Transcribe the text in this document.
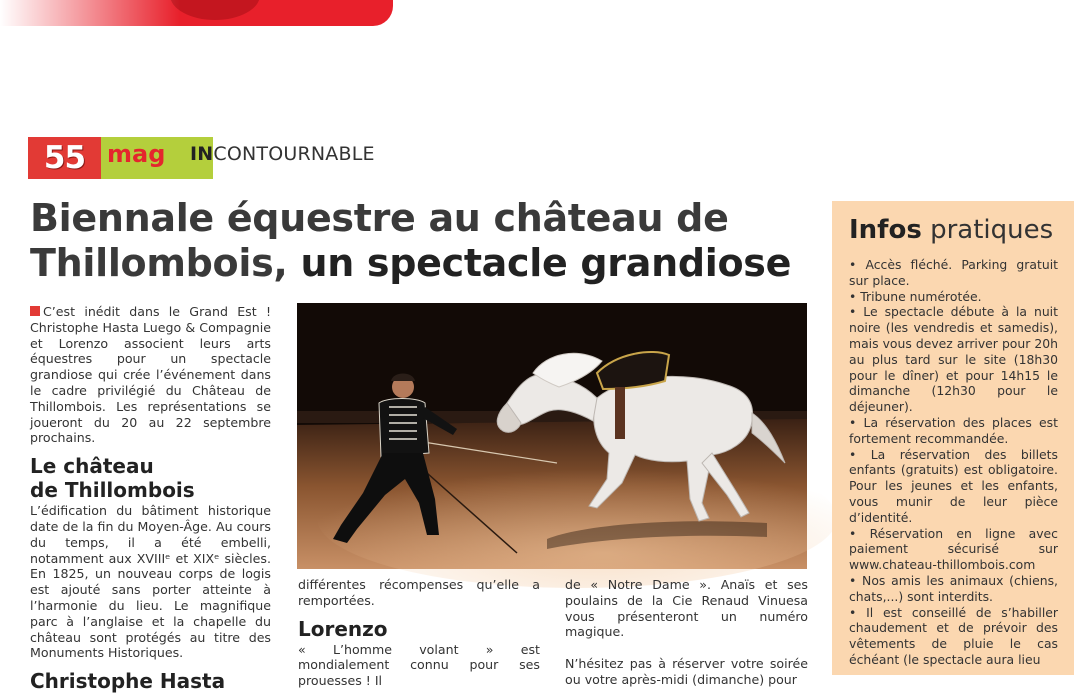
55 mag	INCONTOURNABLE
Biennale équestre au château de Thillombois, un spectacle grandiose

C’est inédit dans le Grand Est ! Christophe Hasta Luego & Compagnie et Lorenzo associent leurs arts équestres pour un spectacle grandiose qui crée l’événement dans le cadre privilégié du Château de Thillombois. Les représentations se joueront du 20 au 22 septembre prochains.

Le château
de Thillombois

L’édification du bâtiment historique date de la fin du Moyen-Âge. Au cours du temps, il a été embelli, notamment aux XVIIIᵉ et XIXᵉ siècles. En 1825, un nouveau corps de logis est ajouté sans porter atteinte à l’harmonie du lieu. Le magnifique parc à l’anglaise et la chapelle du château sont protégés au titre des Monuments Historiques.

Christophe Hasta

différentes récompenses qu’elle a remportées.

Lorenzo

« L’homme volant » est mondialement connu pour ses prouesses ! Il

de « Notre Dame ». Anaïs et ses poulains de la Cie Renaud Vinuesa vous présenteront un numéro magique.

N’hésitez pas à réserver votre soirée ou votre après-midi (dimanche) pour

Infos pratiques
• Accès fléché. Parking gratuit sur place.
• Tribune numérotée.
• Le spectacle débute à la nuit noire (les vendredis et samedis), mais vous devez arriver pour 20h au plus tard sur le site (18h30 pour le dîner) et pour 14h15 le dimanche (12h30 pour le déjeuner).
• La réservation des places est fortement recommandée.
• La réservation des billets enfants (gratuits) est obligatoire. Pour les jeunes et les enfants, vous munir de leur pièce d’identité.
• Réservation en ligne avec paiement sécurisé sur www.chateau-thillombois.com
• Nos amis les animaux (chiens, chats,...) sont interdits.
• Il est conseillé de s’habiller chaudement et de prévoir des vêtements de pluie le cas échéant (le spectacle aura lieu
